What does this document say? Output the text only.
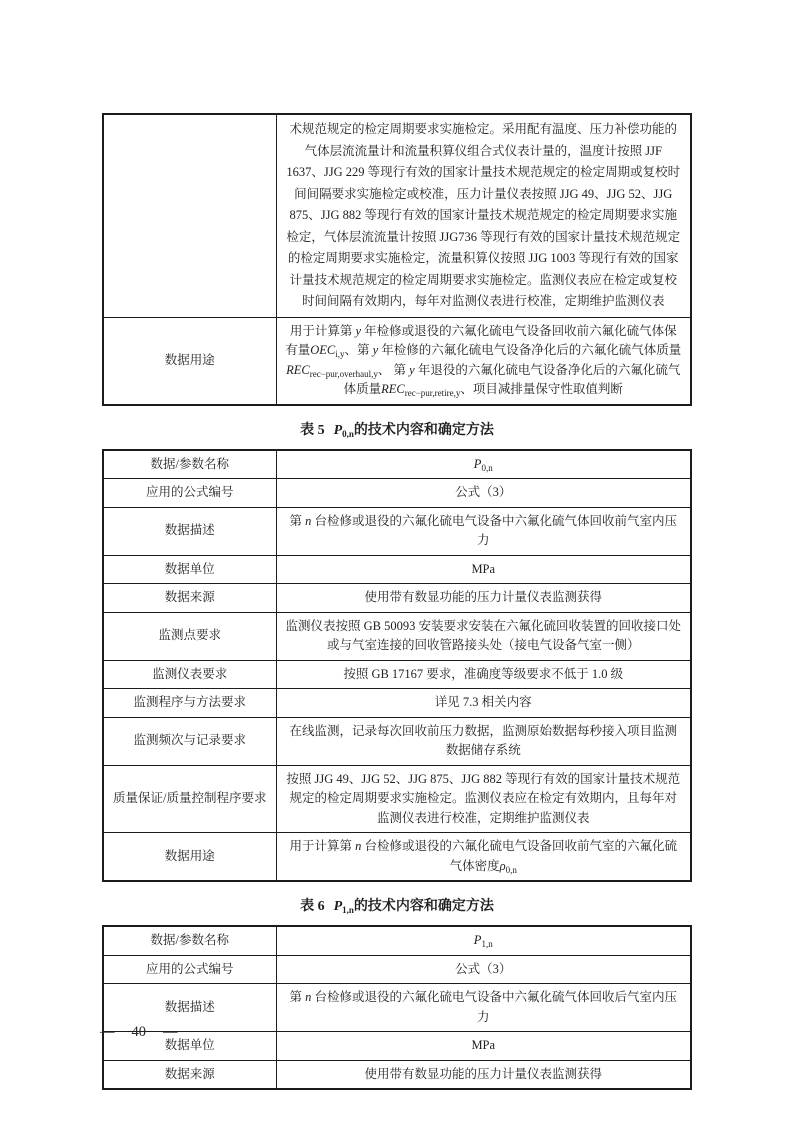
	术规范规定的检定周期要求实施检定。采用配有温度、压力补偿功能的气体层流流量计和流量积算仪组合式仪表计量的，温度计按照 JJF 1637、JJG 229 等现行有效的国家计量技术规范规定的检定周期或复校时间间隔要求实施检定或校准，压力计量仪表按照 JJG 49、JJG 52、JJG 875、JJG 882 等现行有效的国家计量技术规范规定的检定周期要求实施检定，气体层流流量计按照 JJG736 等现行有效的国家计量技术规范规定的检定周期要求实施检定，流量积算仪按照 JJG 1003 等现行有效的国家计量技术规范规定的检定周期要求实施检定。监测仪表应在检定或复校时间间隔有效期内，每年对监测仪表进行校准，定期维护监测仪表

数据用途	用于计算第 y 年检修或退役的六氟化硫电气设备回收前六氟化硫气体保有量$OEC_{i,y}$、第 y 年检修的六氟化硫电气设备净化后的六氟化硫气体质量$REC_{rec-pur,overhaul,y}$、 第 y 年退役的六氟化硫电气设备净化后的六氟化硫气体质量$REC_{rec-pur,retire,y}$、项目减排量保守性取值判断
表 5 $P_{0,n}$的技术内容和确定方法
数据/参数名称	$P_{0,n}$
应用的公式编号	公式（3）
数据描述	第 n 台检修或退役的六氟化硫电气设备中六氟化硫气体回收前气室内压力
数据单位	MPa
数据来源	使用带有数显功能的压力计量仪表监测获得
监测点要求	监测仪表按照 GB 50093 安装要求安装在六氟化硫回收装置的回收接口处或与气室连接的回收管路接头处（接电气设备气室一侧）
监测仪表要求	按照 GB 17167 要求，准确度等级要求不低于 1.0 级
监测程序与方法要求	详见 7.3 相关内容
监测频次与记录要求	在线监测，记录每次回收前压力数据，监测原始数据每秒接入项目监测数据储存系统
质量保证/质量控制程序要求	按照 JJG 49、JJG 52、JJG 875、JJG 882 等现行有效的国家计量技术规范规定的检定周期要求实施检定。监测仪表应在检定有效期内，且每年对监测仪表进行校准，定期维护监测仪表
数据用途	用于计算第 n 台检修或退役的六氟化硫电气设备回收前气室的六氟化硫气体密度$\rho_{0,n}$
表 6 $P_{1,n}$的技术内容和确定方法
数据/参数名称	$P_{1,n}$
应用的公式编号	公式（3）
数据描述	第 n 台检修或退役的六氟化硫电气设备中六氟化硫气体回收后气室内压力
数据单位	MPa
数据来源	使用带有数显功能的压力计量仪表监测获得
— 40 —
